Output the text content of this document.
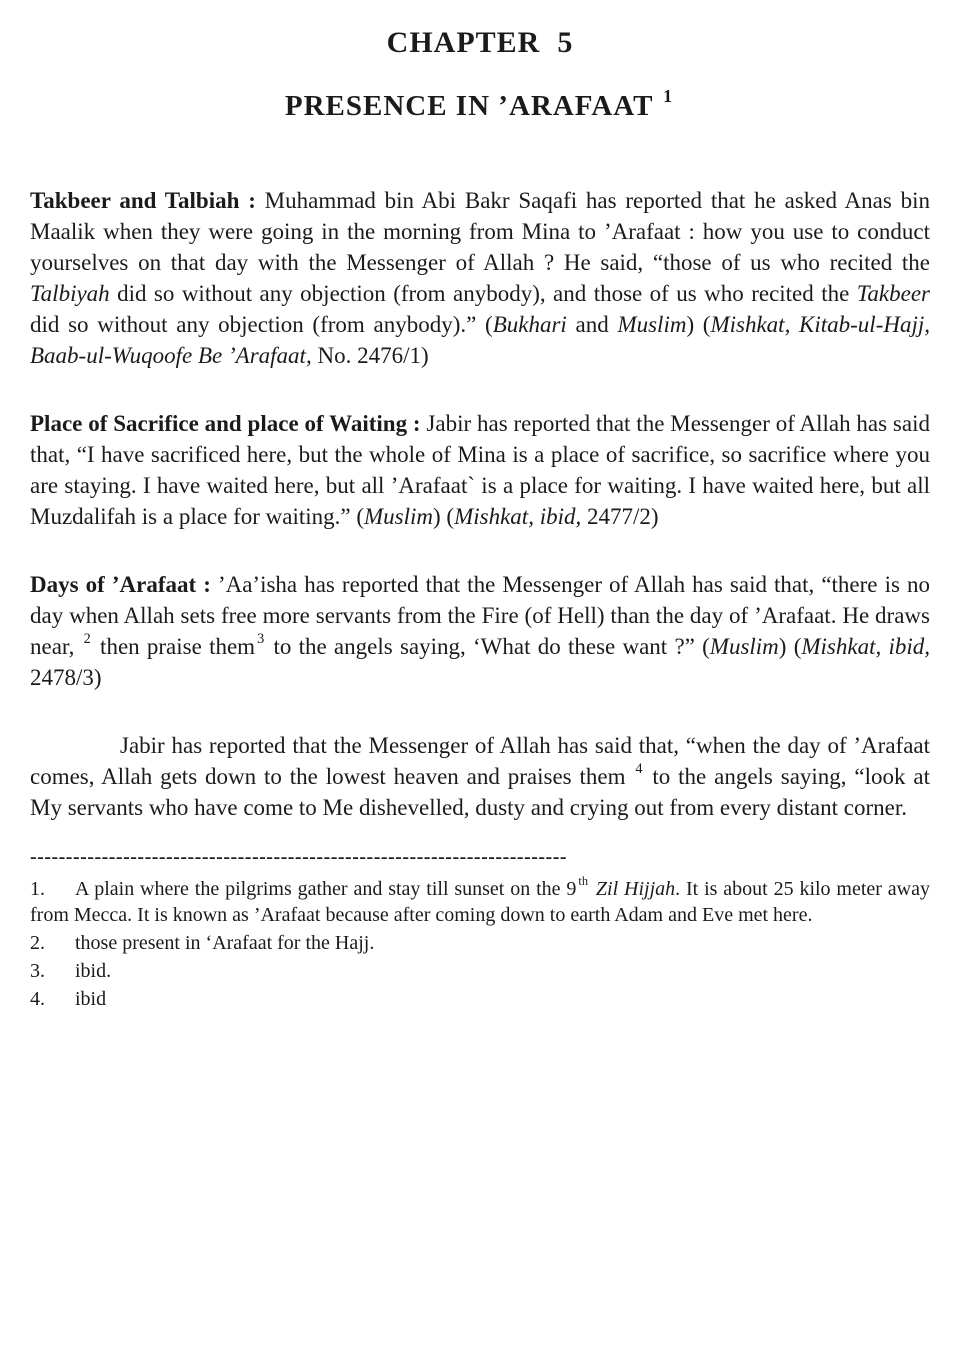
CHAPTER  5
PRESENCE IN ’ARAFAAT $^1$

Takbeer and Talbiah : Muhammad bin Abi Bakr Saqafi has reported that he asked Anas bin Maalik when they were going in the morning from Mina to ’Arafaat : how you use to conduct yourselves on that day with the Messenger of Allah ? He said, “those of us who recited the Talbiyah did so without any objection (from anybody), and those of us who recited the Takbeer did so without any objection (from anybody).” (Bukhari and Muslim) (Mishkat, Kitab-ul-Hajj, Baab-ul-Wuqoofe Be ’Arafaat, No. 2476/1)

Place of Sacrifice and place of Waiting : Jabir has reported that the Messenger of Allah has said that, “I have sacrificed here, but the whole of Mina is a place of sacrifice, so sacrifice where you are staying. I have waited here, but all ’Arafaat` is a place for waiting. I have waited here, but all Muzdalifah is a place for waiting.” (Muslim) (Mishkat, ibid, 2477/2)

Days of ’Arafaat : ’Aa’isha has reported that the Messenger of Allah has said that, “there is no day when Allah sets free more servants from the Fire (of Hell) than the day of ’Arafaat. He draws near, $^2$ then praise them $^3$ to the angels saying, ‘What do these want ?” (Muslim) (Mishkat, ibid, 2478/3)

Jabir has reported that the Messenger of Allah has said that, “when the day of ’Arafaat comes, Allah gets down to the lowest heaven and praises them $^4$ to the angels saying, “look at My servants who have come to Me dishevelled, dusty and crying out from every distant corner.

---------------------------------------------------------------------------

1. A plain where the pilgrims gather and stay till sunset on the 9 $^{th}$ Zil Hijjah. It is about 25 kilo meter away from Mecca. It is known as ’Arafaat because after coming down to earth Adam and Eve met here.

2. those present in ‘Arafaat for the Hajj.

3. ibid.

4. ibid
